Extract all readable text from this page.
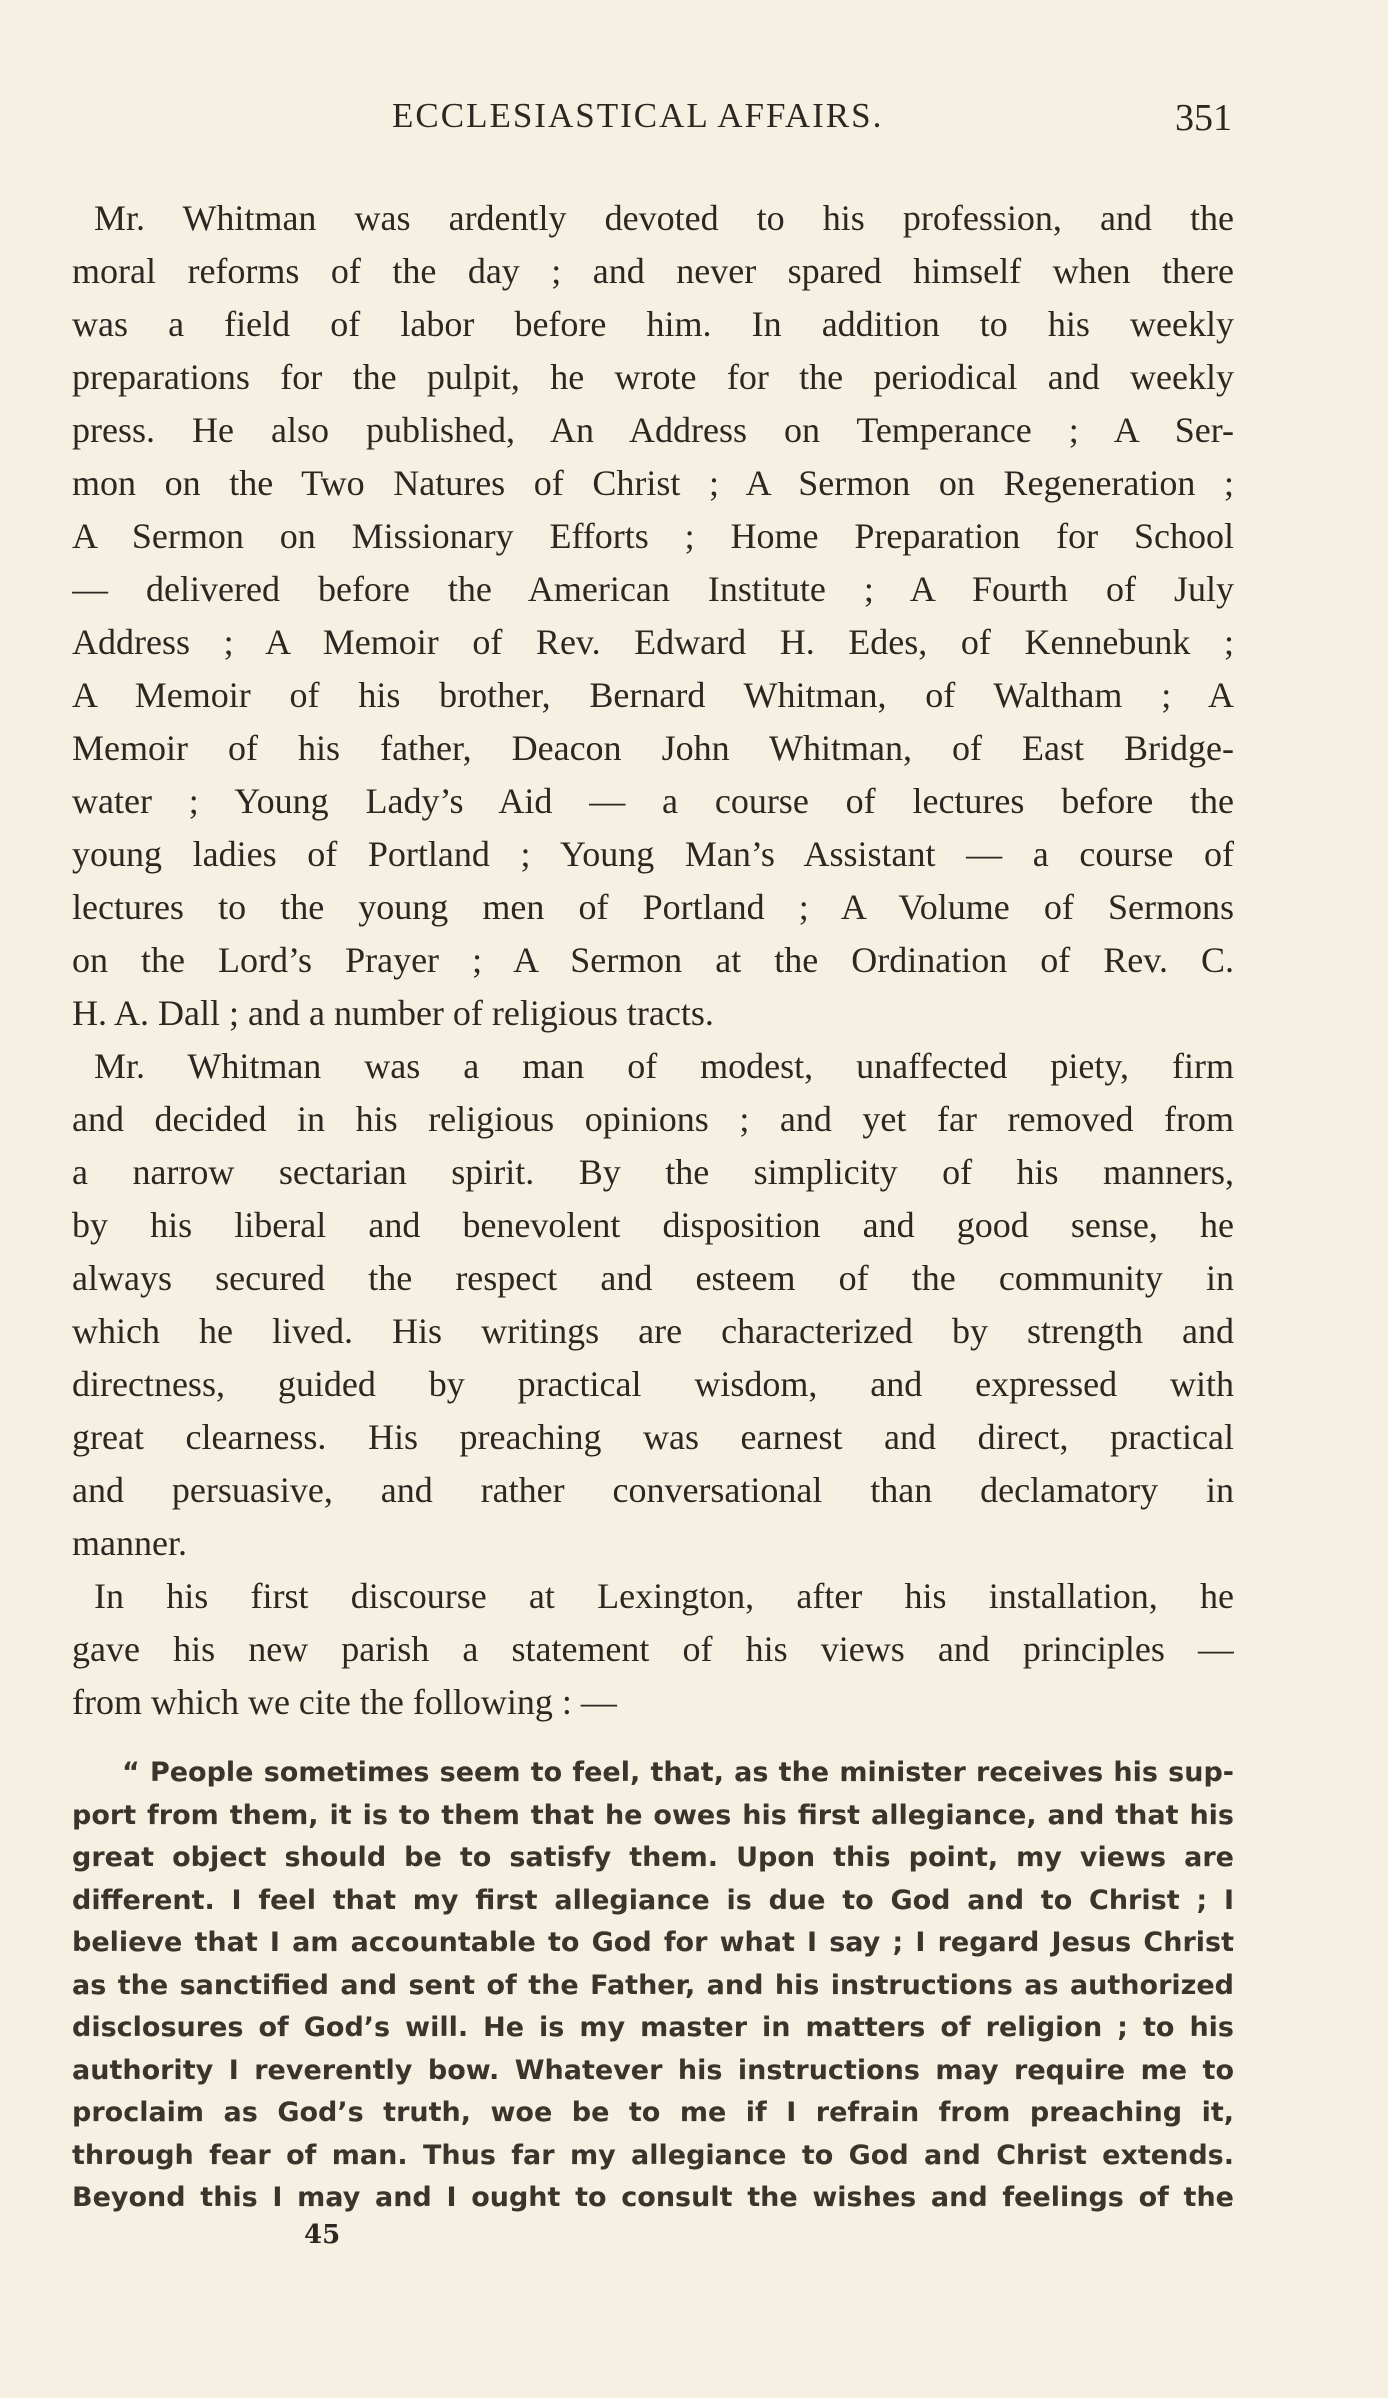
ECCLESIASTICAL AFFAIRS.	351
Mr. Whitman was ardently devoted to his profession, and the
moral reforms of the day ; and never spared himself when there
was a field of labor before him. In addition to his weekly
preparations for the pulpit, he wrote for the periodical and weekly
press. He also published, An Address on Temperance ; A Ser-
mon on the Two Natures of Christ ; A Sermon on Regeneration ;
A Sermon on Missionary Efforts ; Home Preparation for School
— delivered before the American Institute ; A Fourth of July
Address ; A Memoir of Rev. Edward H. Edes, of Kennebunk ;
A Memoir of his brother, Bernard Whitman, of Waltham ; A
Memoir of his father, Deacon John Whitman, of East Bridge-
water ; Young Lady’s Aid — a course of lectures before the
young ladies of Portland ; Young Man’s Assistant — a course of
lectures to the young men of Portland ; A Volume of Sermons
on the Lord’s Prayer ; A Sermon at the Ordination of Rev. C.
H. A. Dall ; and a number of religious tracts.
Mr. Whitman was a man of modest, unaffected piety, firm
and decided in his religious opinions ; and yet far removed from
a narrow sectarian spirit. By the simplicity of his manners,
by his liberal and benevolent disposition and good sense, he
always secured the respect and esteem of the community in
which he lived. His writings are characterized by strength and
directness, guided by practical wisdom, and expressed with
great clearness. His preaching was earnest and direct, practical
and persuasive, and rather conversational than declamatory in
manner.
In his first discourse at Lexington, after his installation, he
gave his new parish a statement of his views and principles —
from which we cite the following : —
“ People sometimes seem to feel, that, as the minister receives his sup-
port from them, it is to them that he owes his first allegiance, and that his
great object should be to satisfy them. Upon this point, my views are
different. I feel that my first allegiance is due to God and to Christ ; I
believe that I am accountable to God for what I say ; I regard Jesus Christ
as the sanctified and sent of the Father, and his instructions as authorized
disclosures of God’s will. He is my master in matters of religion ; to his
authority I reverently bow. Whatever his instructions may require me to
proclaim as God’s truth, woe be to me if I refrain from preaching it,
through fear of man. Thus far my allegiance to God and Christ extends.
Beyond this I may and I ought to consult the wishes and feelings of the
45
